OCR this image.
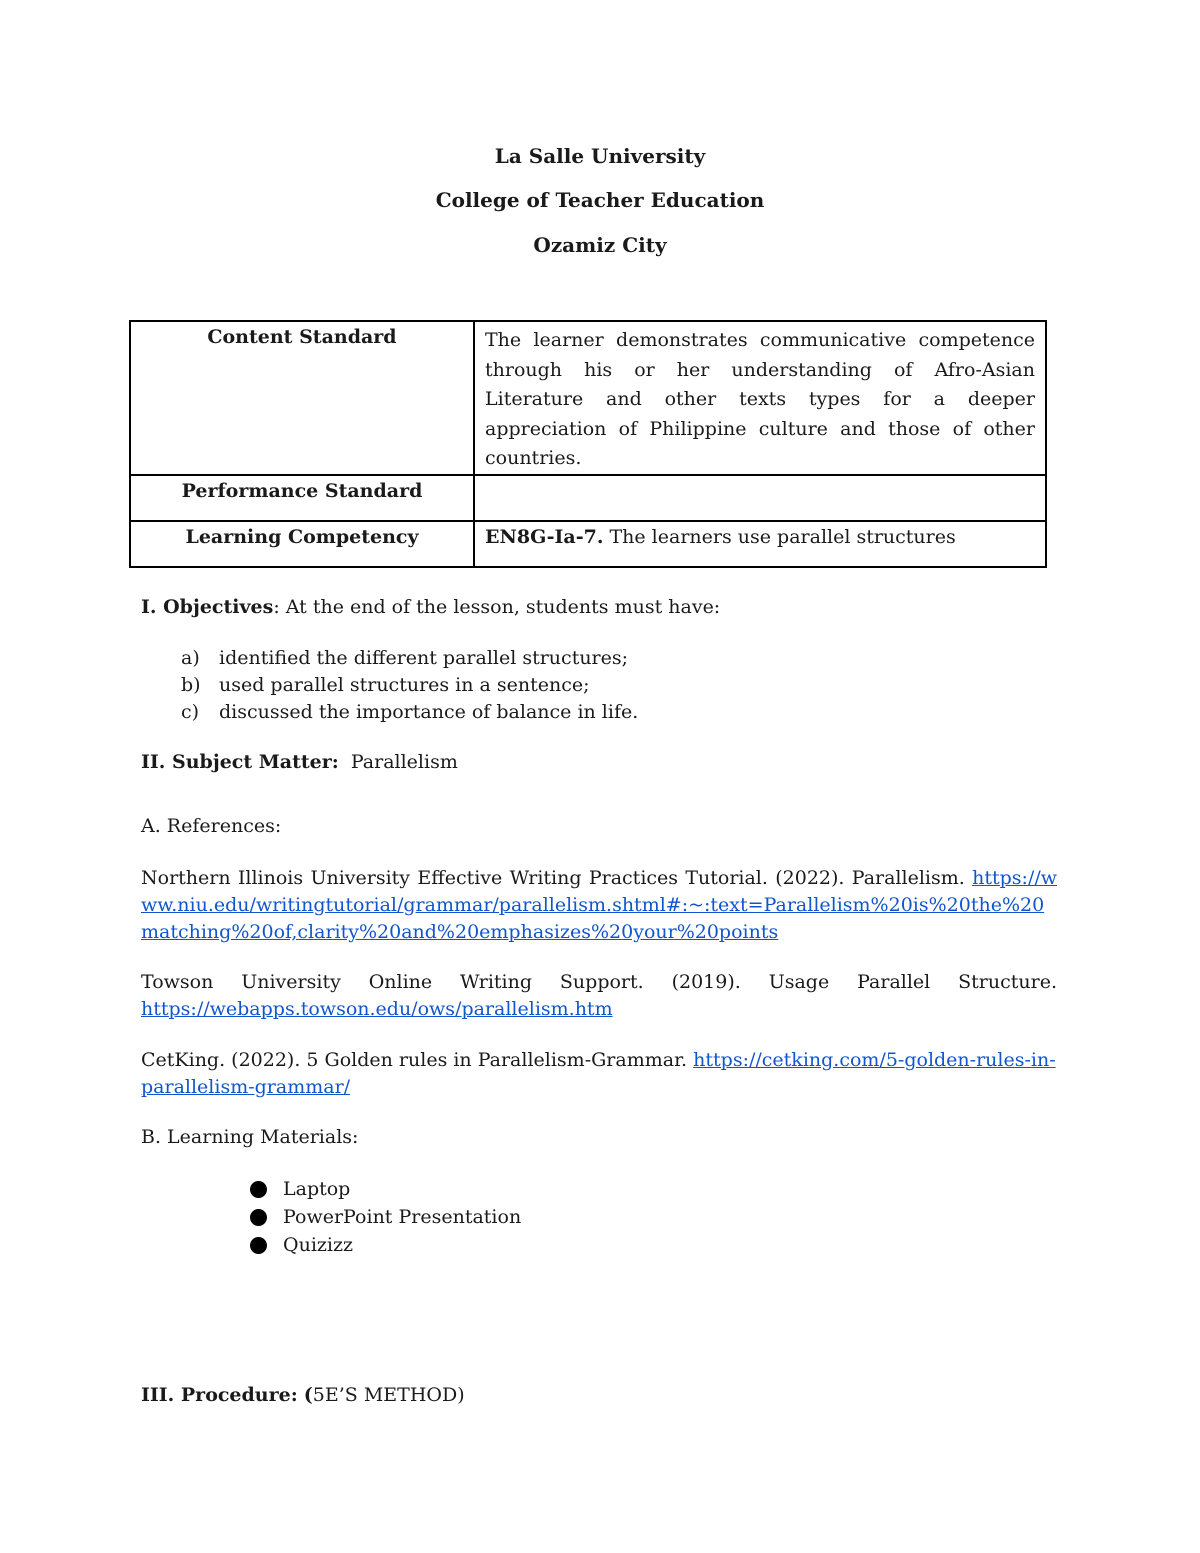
La Salle University
College of Teacher Education
Ozamiz City
Content Standard	The learner demonstrates communicative competence through his or her understanding of Afro-Asian Literature and other texts types for a deeper appreciation of Philippine culture and those of other countries.

Performance Standard	
Learning Competency	EN8G-Ia-7. The learners use parallel structures
I. Objectives: At the end of the lesson, students must have:
a) identified the different parallel structures;
b) used parallel structures in a sentence;
c) discussed the importance of balance in life.
II. Subject Matter: Parallelism
A. References:
Northern Illinois University Effective Writing Practices Tutorial. (2022). Parallelism. https://www.niu.edu/writingtutorial/grammar/parallelism.shtml#:~:text=Parallelism%20is%20the%20matching%20of,clarity%20and%20emphasizes%20your%20points
Towson University Online Writing Support. (2019). Usage Parallel Structure. https://webapps.towson.edu/ows/parallelism.htm
CetKing. (2022). 5 Golden rules in Parallelism-Grammar. https://cetking.com/5-golden-rules-in-parallelism-grammar/
B. Learning Materials:
Laptop
PowerPoint Presentation
Quizizz
III. Procedure: (5E’S METHOD)
